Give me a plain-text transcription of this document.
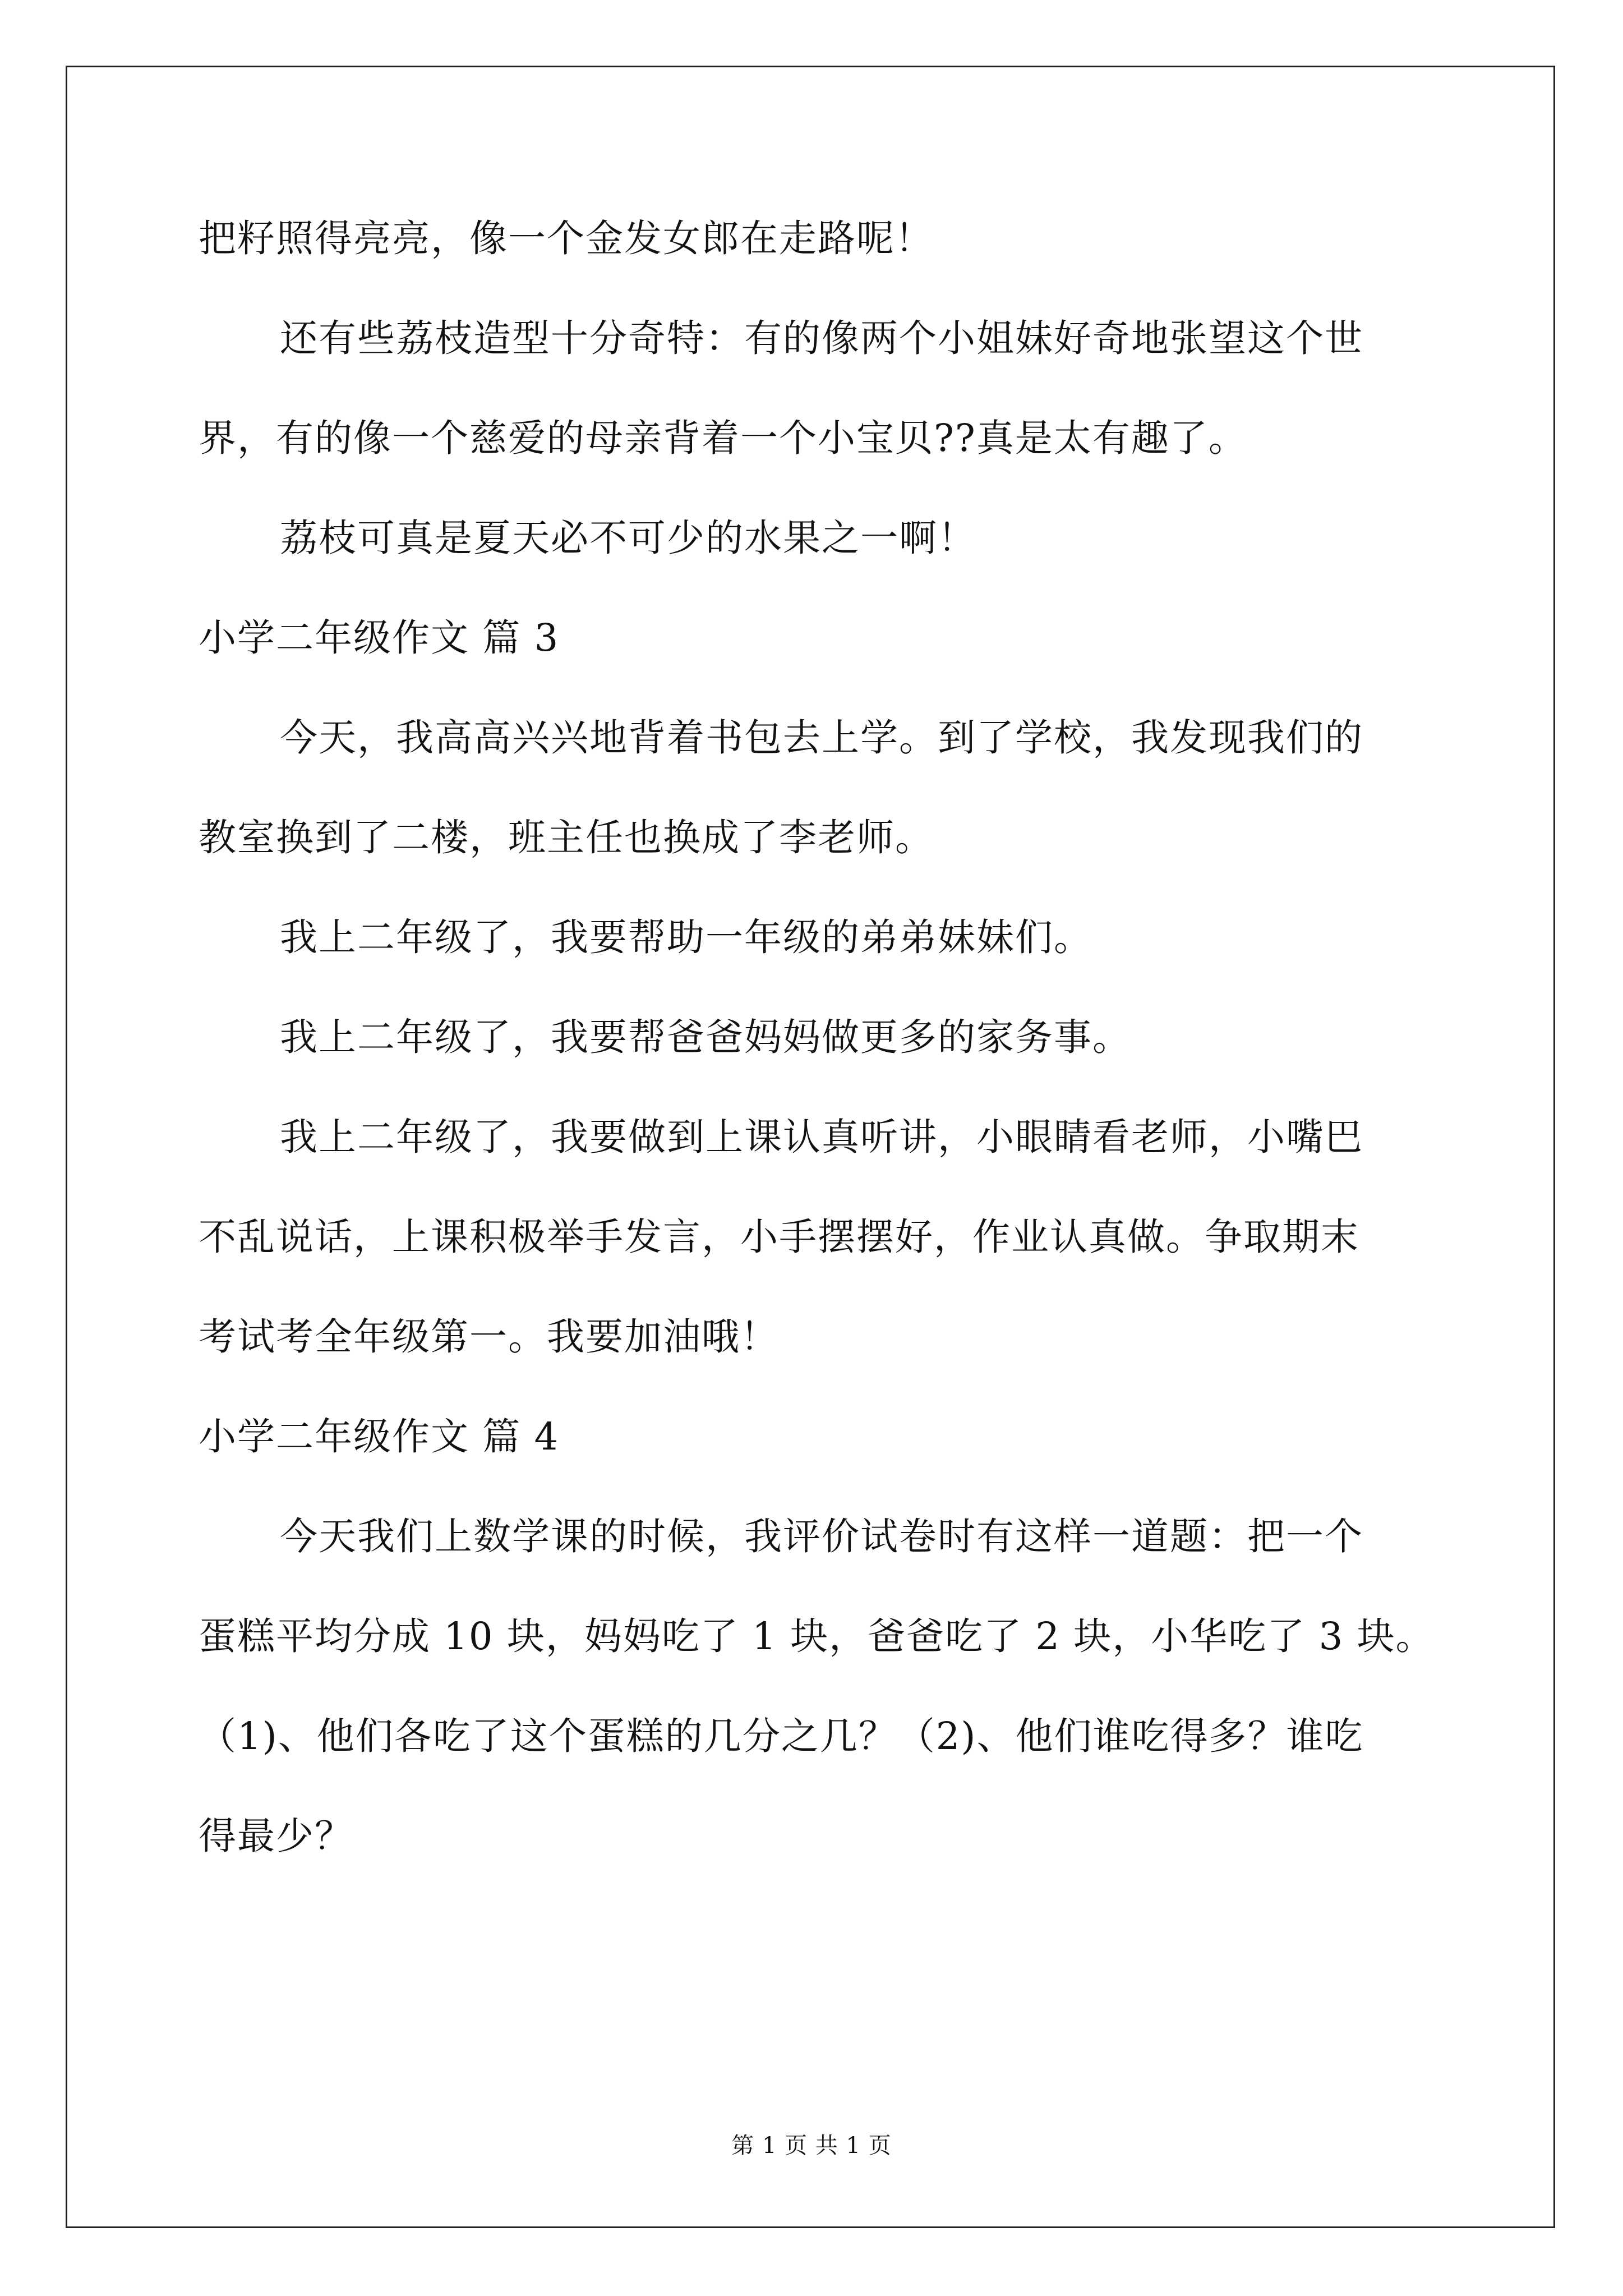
把籽照得亮亮，像一个金发女郎在走路呢！
还有些荔枝造型十分奇特：有的像两个小姐妹好奇地张望这个世
界，有的像一个慈爱的母亲背着一个小宝贝??真是太有趣了。
荔枝可真是夏天必不可少的水果之一啊！
小学二年级作文 篇 3
今天，我高高兴兴地背着书包去上学。到了学校，我发现我们的
教室换到了二楼，班主任也换成了李老师。
我上二年级了，我要帮助一年级的弟弟妹妹们。
我上二年级了，我要帮爸爸妈妈做更多的家务事。
我上二年级了，我要做到上课认真听讲，小眼睛看老师，小嘴巴
不乱说话，上课积极举手发言，小手摆摆好，作业认真做。争取期末
考试考全年级第一。我要加油哦！
小学二年级作文 篇 4
今天我们上数学课的时候，我评价试卷时有这样一道题：把一个
蛋糕平均分成 10 块，妈妈吃了 1 块，爸爸吃了 2 块，小华吃了 3 块。
（1)、他们各吃了这个蛋糕的几分之几？（2)、他们谁吃得多？谁吃
得最少？
第 1 页 共 1 页
